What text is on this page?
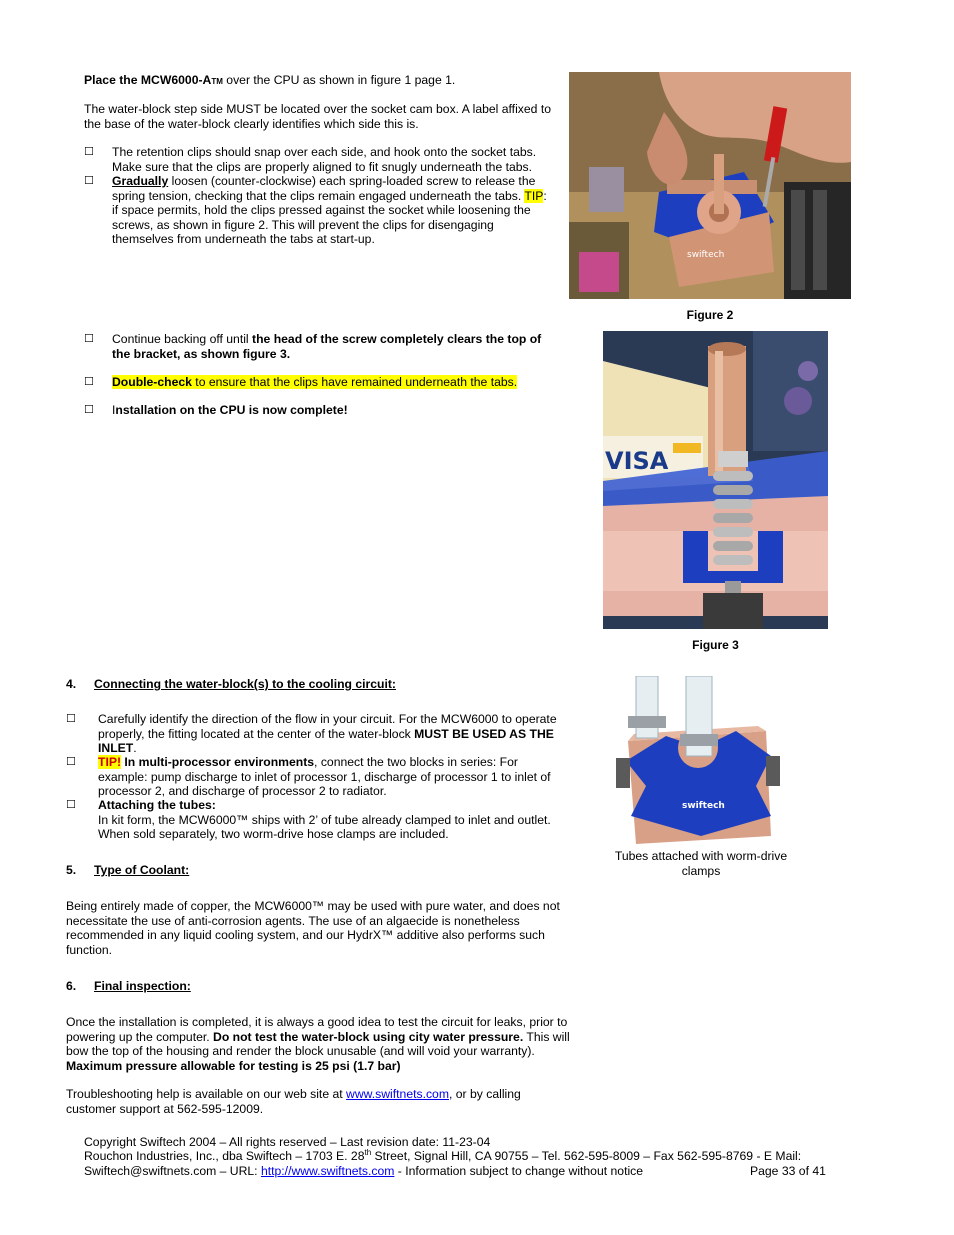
Place the MCW6000-ATM over the CPU as shown in figure 1 page 1.

The water-block step side MUST be located over the socket cam box. A label affixed to the base of the water-block clearly identifies which side this is.

☐ The retention clips should snap over each side, and hook onto the socket tabs. Make sure that the clips are properly aligned to fit snugly underneath the tabs.

☐ Gradually loosen (counter-clockwise) each spring-loaded screw to release the spring tension, checking that the clips remain engaged underneath the tabs. TIP: if space permits, hold the clips pressed against the socket while loosening the screws, as shown in figure 2. This will prevent the clips for disengaging themselves from underneath the tabs at start-up.

swiftech
Figure 2
☐ Continue backing off until the head of the screw completely clears the top of the bracket, as shown figure 3.

☐ Double-check to ensure that the clips have remained underneath the tabs.

☐ Installation on the CPU is now complete!

VISA
Figure 3

4. Connecting the water-block(s) to the cooling circuit:

☐ Carefully identify the direction of the flow in your circuit. For the MCW6000 to operate properly, the fitting located at the center of the water-block MUST BE USED AS THE INLET.

☐ TIP! In multi-processor environments, connect the two blocks in series: For example: pump discharge to inlet of processor 1, discharge of processor 1 to inlet of processor 2, and discharge of processor 2 to radiator.

☐ Attaching the tubes:
In kit form, the MCW6000™ ships with 2’ of tube already clamped to inlet and outlet. When sold separately, two worm-drive hose clamps are included.

swiftech
Tubes attached with worm-drive clamps

5. Type of Coolant:

Being entirely made of copper, the MCW6000™ may be used with pure water, and does not necessitate the use of anti-corrosion agents. The use of an algaecide is nonetheless recommended in any liquid cooling system, and our HydrX™ additive also performs such function.

6. Final inspection:

Once the installation is completed, it is always a good idea to test the circuit for leaks, prior to powering up the computer. Do not test the water-block using city water pressure. This will bow the top of the housing and render the block unusable (and will void your warranty).
Maximum pressure allowable for testing is 25 psi (1.7 bar)

Troubleshooting help is available on our web site at www.swiftnets.com, or by calling customer support at 562-595-12009.

Copyright Swiftech 2004 – All rights reserved – Last revision date: 11-23-04

Rouchon Industries, Inc., dba Swiftech – 1703 E. 28th Street, Signal Hill, CA 90755 – Tel. 562-595-8009 – Fax 562-595-8769 - E Mail:

Swiftech@swiftnets.com – URL: http://www.swiftnets.com - Information subject to change without notice	Page 33 of 41
